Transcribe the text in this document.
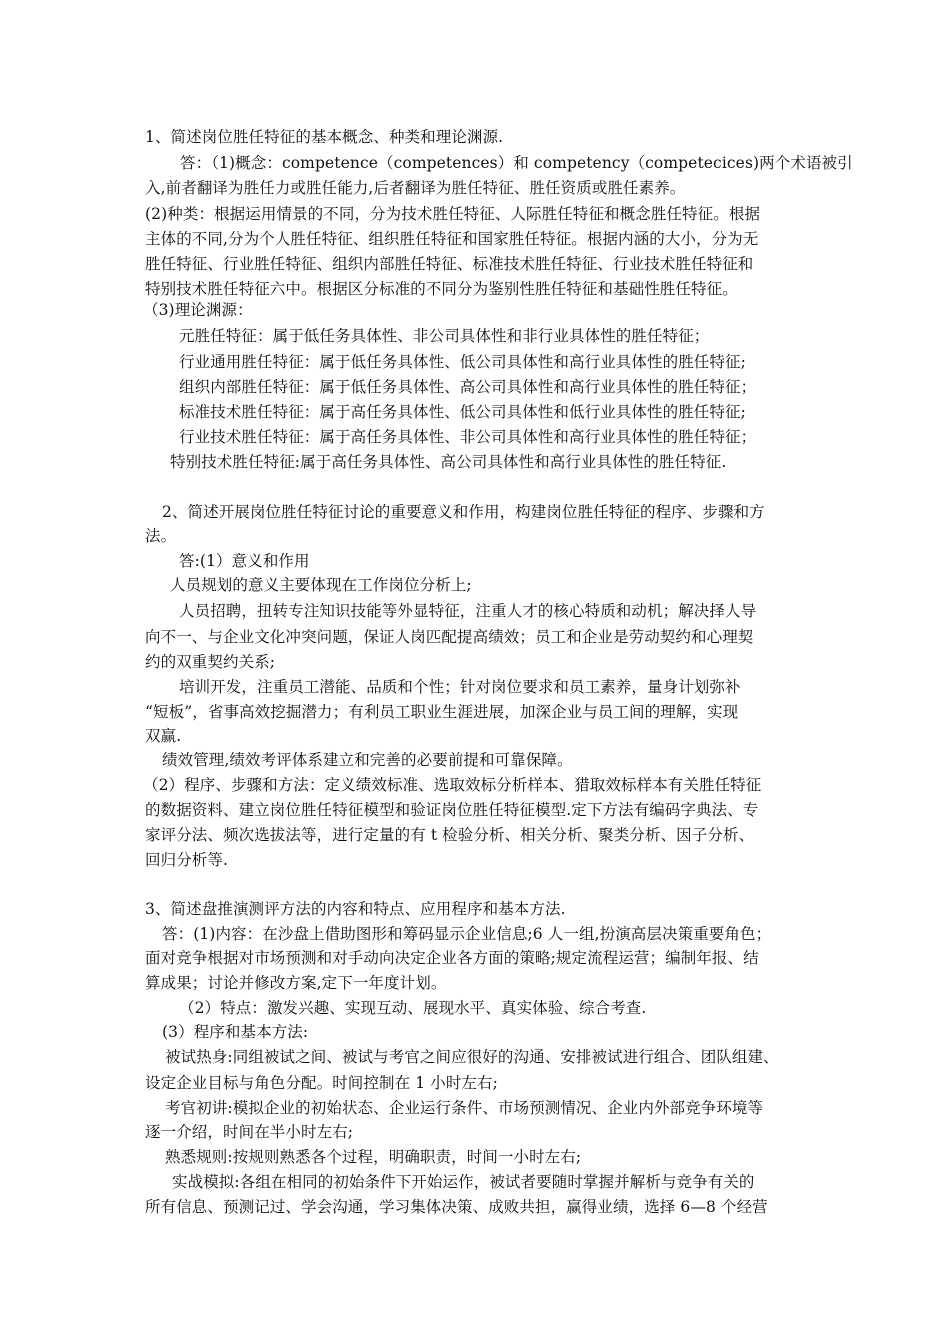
1、简述岗位胜任特征的基本概念、种类和理论渊源.
答：（1)概念：competence（competences）和 competency（competecices)两个术语被引
入,前者翻译为胜任力或胜任能力,后者翻译为胜任特征、胜任资质或胜任素养。
(2)种类：根据运用情景的不同，分为技术胜任特征、人际胜任特征和概念胜任特征。根据
主体的不同,分为个人胜任特征、组织胜任特征和国家胜任特征。根据内涵的大小，分为无
胜任特征、行业胜任特征、组织内部胜任特征、标准技术胜任特征、行业技术胜任特征和
特别技术胜任特征六中。根据区分标准的不同分为鉴别性胜任特征和基础性胜任特征。
（3)理论渊源：
元胜任特征：属于低任务具体性、非公司具体性和非行业具体性的胜任特征；
行业通用胜任特征：属于低任务具体性、低公司具体性和高行业具体性的胜任特征;
组织内部胜任特征：属于低任务具体性、高公司具体性和高行业具体性的胜任特征；
标准技术胜任特征：属于高任务具体性、低公司具体性和低行业具体性的胜任特征;
行业技术胜任特征：属于高任务具体性、非公司具体性和高行业具体性的胜任特征；
特别技术胜任特征:属于高任务具体性、高公司具体性和高行业具体性的胜任特征.
2、简述开展岗位胜任特征讨论的重要意义和作用，构建岗位胜任特征的程序、步骤和方
法。
答:(1）意义和作用
人员规划的意义主要体现在工作岗位分析上;
人员招聘，扭转专注知识技能等外显特征，注重人才的核心特质和动机；解决择人导
向不一、与企业文化冲突问题，保证人岗匹配提高绩效；员工和企业是劳动契约和心理契
约的双重契约关系;
培训开发，注重员工潜能、品质和个性；针对岗位要求和员工素养，量身计划弥补
“短板”，省事高效挖掘潜力；有利员工职业生涯进展，加深企业与员工间的理解，实现
双赢.
绩效管理,绩效考评体系建立和完善的必要前提和可靠保障。
（2）程序、步骤和方法：定义绩效标准、选取效标分析样本、猎取效标样本有关胜任特征
的数据资料、建立岗位胜任特征模型和验证岗位胜任特征模型.定下方法有编码字典法、专
家评分法、频次选拔法等，进行定量的有 t 检验分析、相关分析、聚类分析、因子分析、
回归分析等.
3、简述盘推演测评方法的内容和特点、应用程序和基本方法.
答：(1)内容：在沙盘上借助图形和筹码显示企业信息;6 人一组,扮演高层决策重要角色；
面对竞争根据对市场预测和对手动向决定企业各方面的策略;规定流程运营；编制年报、结
算成果；讨论并修改方案,定下一年度计划。
（2）特点：激发兴趣、实现互动、展现水平、真实体验、综合考查.
(3）程序和基本方法:
被试热身:同组被试之间、被试与考官之间应很好的沟通、安排被试进行组合、团队组建、
设定企业目标与角色分配。时间控制在 1 小时左右;
考官初讲:模拟企业的初始状态、企业运行条件、市场预测情况、企业内外部竞争环境等
逐一介绍，时间在半小时左右;
熟悉规则:按规则熟悉各个过程，明确职责，时间一小时左右;
实战模拟:各组在相同的初始条件下开始运作，被试者要随时掌握并解析与竞争有关的
所有信息、预测记过、学会沟通，学习集体决策、成败共担，赢得业绩，选择 6—8 个经营
